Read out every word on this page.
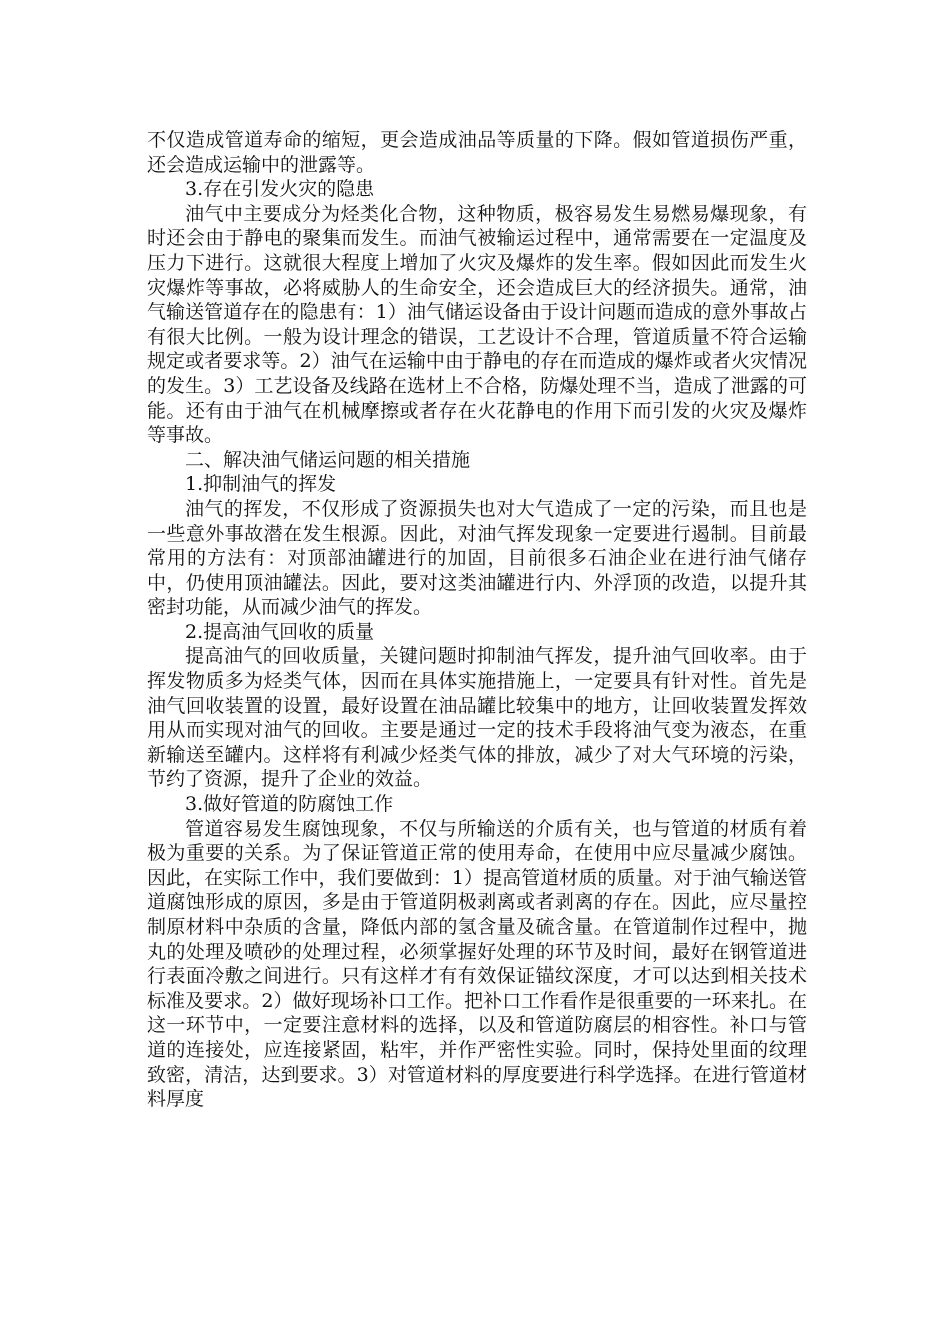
不仅造成管道寿命的缩短，更会造成油品等质量的下降。假如管道损伤严重，还会造成运输中的泄露等。

3.存在引发火灾的隐患

油气中主要成分为烃类化合物，这种物质，极容易发生易燃易爆现象，有时还会由于静电的聚集而发生。而油气被输运过程中，通常需要在一定温度及压力下进行。这就很大程度上增加了火灾及爆炸的发生率。假如因此而发生火灾爆炸等事故，必将威胁人的生命安全，还会造成巨大的经济损失。通常，油气输送管道存在的隐患有：1）油气储运设备由于设计问题而造成的意外事故占有很大比例。一般为设计理念的错误，工艺设计不合理，管道质量不符合运输规定或者要求等。2）油气在运输中由于静电的存在而造成的爆炸或者火灾情况的发生。3）工艺设备及线路在选材上不合格，防爆处理不当，造成了泄露的可能。还有由于油气在机械摩擦或者存在火花静电的作用下而引发的火灾及爆炸等事故。

二、解决油气储运问题的相关措施

1.抑制油气的挥发

油气的挥发，不仅形成了资源损失也对大气造成了一定的污染，而且也是一些意外事故潜在发生根源。因此，对油气挥发现象一定要进行遏制。目前最常用的方法有：对顶部油罐进行的加固，目前很多石油企业在进行油气储存中，仍使用顶油罐法。因此，要对这类油罐进行内、外浮顶的改造，以提升其密封功能，从而减少油气的挥发。

2.提高油气回收的质量

提高油气的回收质量，关键问题时抑制油气挥发，提升油气回收率。由于挥发物质多为烃类气体，因而在具体实施措施上，一定要具有针对性。首先是油气回收装置的设置，最好设置在油品罐比较集中的地方，让回收装置发挥效用从而实现对油气的回收。主要是通过一定的技术手段将油气变为液态，在重新输送至罐内。这样将有利减少烃类气体的排放，减少了对大气环境的污染，节约了资源，提升了企业的效益。

3.做好管道的防腐蚀工作

管道容易发生腐蚀现象，不仅与所输送的介质有关，也与管道的材质有着极为重要的关系。为了保证管道正常的使用寿命，在使用中应尽量减少腐蚀。因此，在实际工作中，我们要做到：1）提高管道材质的质量。对于油气输送管道腐蚀形成的原因，多是由于管道阴极剥离或者剥离的存在。因此，应尽量控制原材料中杂质的含量，降低内部的氢含量及硫含量。在管道制作过程中，抛丸的处理及喷砂的处理过程，必须掌握好处理的环节及时间，最好在钢管道进行表面冷敷之间进行。只有这样才有有效保证锚纹深度，才可以达到相关技术标准及要求。2）做好现场补口工作。把补口工作看作是很重要的一环来扎。在这一环节中，一定要注意材料的选择，以及和管道防腐层的相容性。补口与管道的连接处，应连接紧固，粘牢，并作严密性实验。同时，保持处里面的纹理致密，清洁，达到要求。3）对管道材料的厚度要进行科学选择。在进行管道材料厚度
